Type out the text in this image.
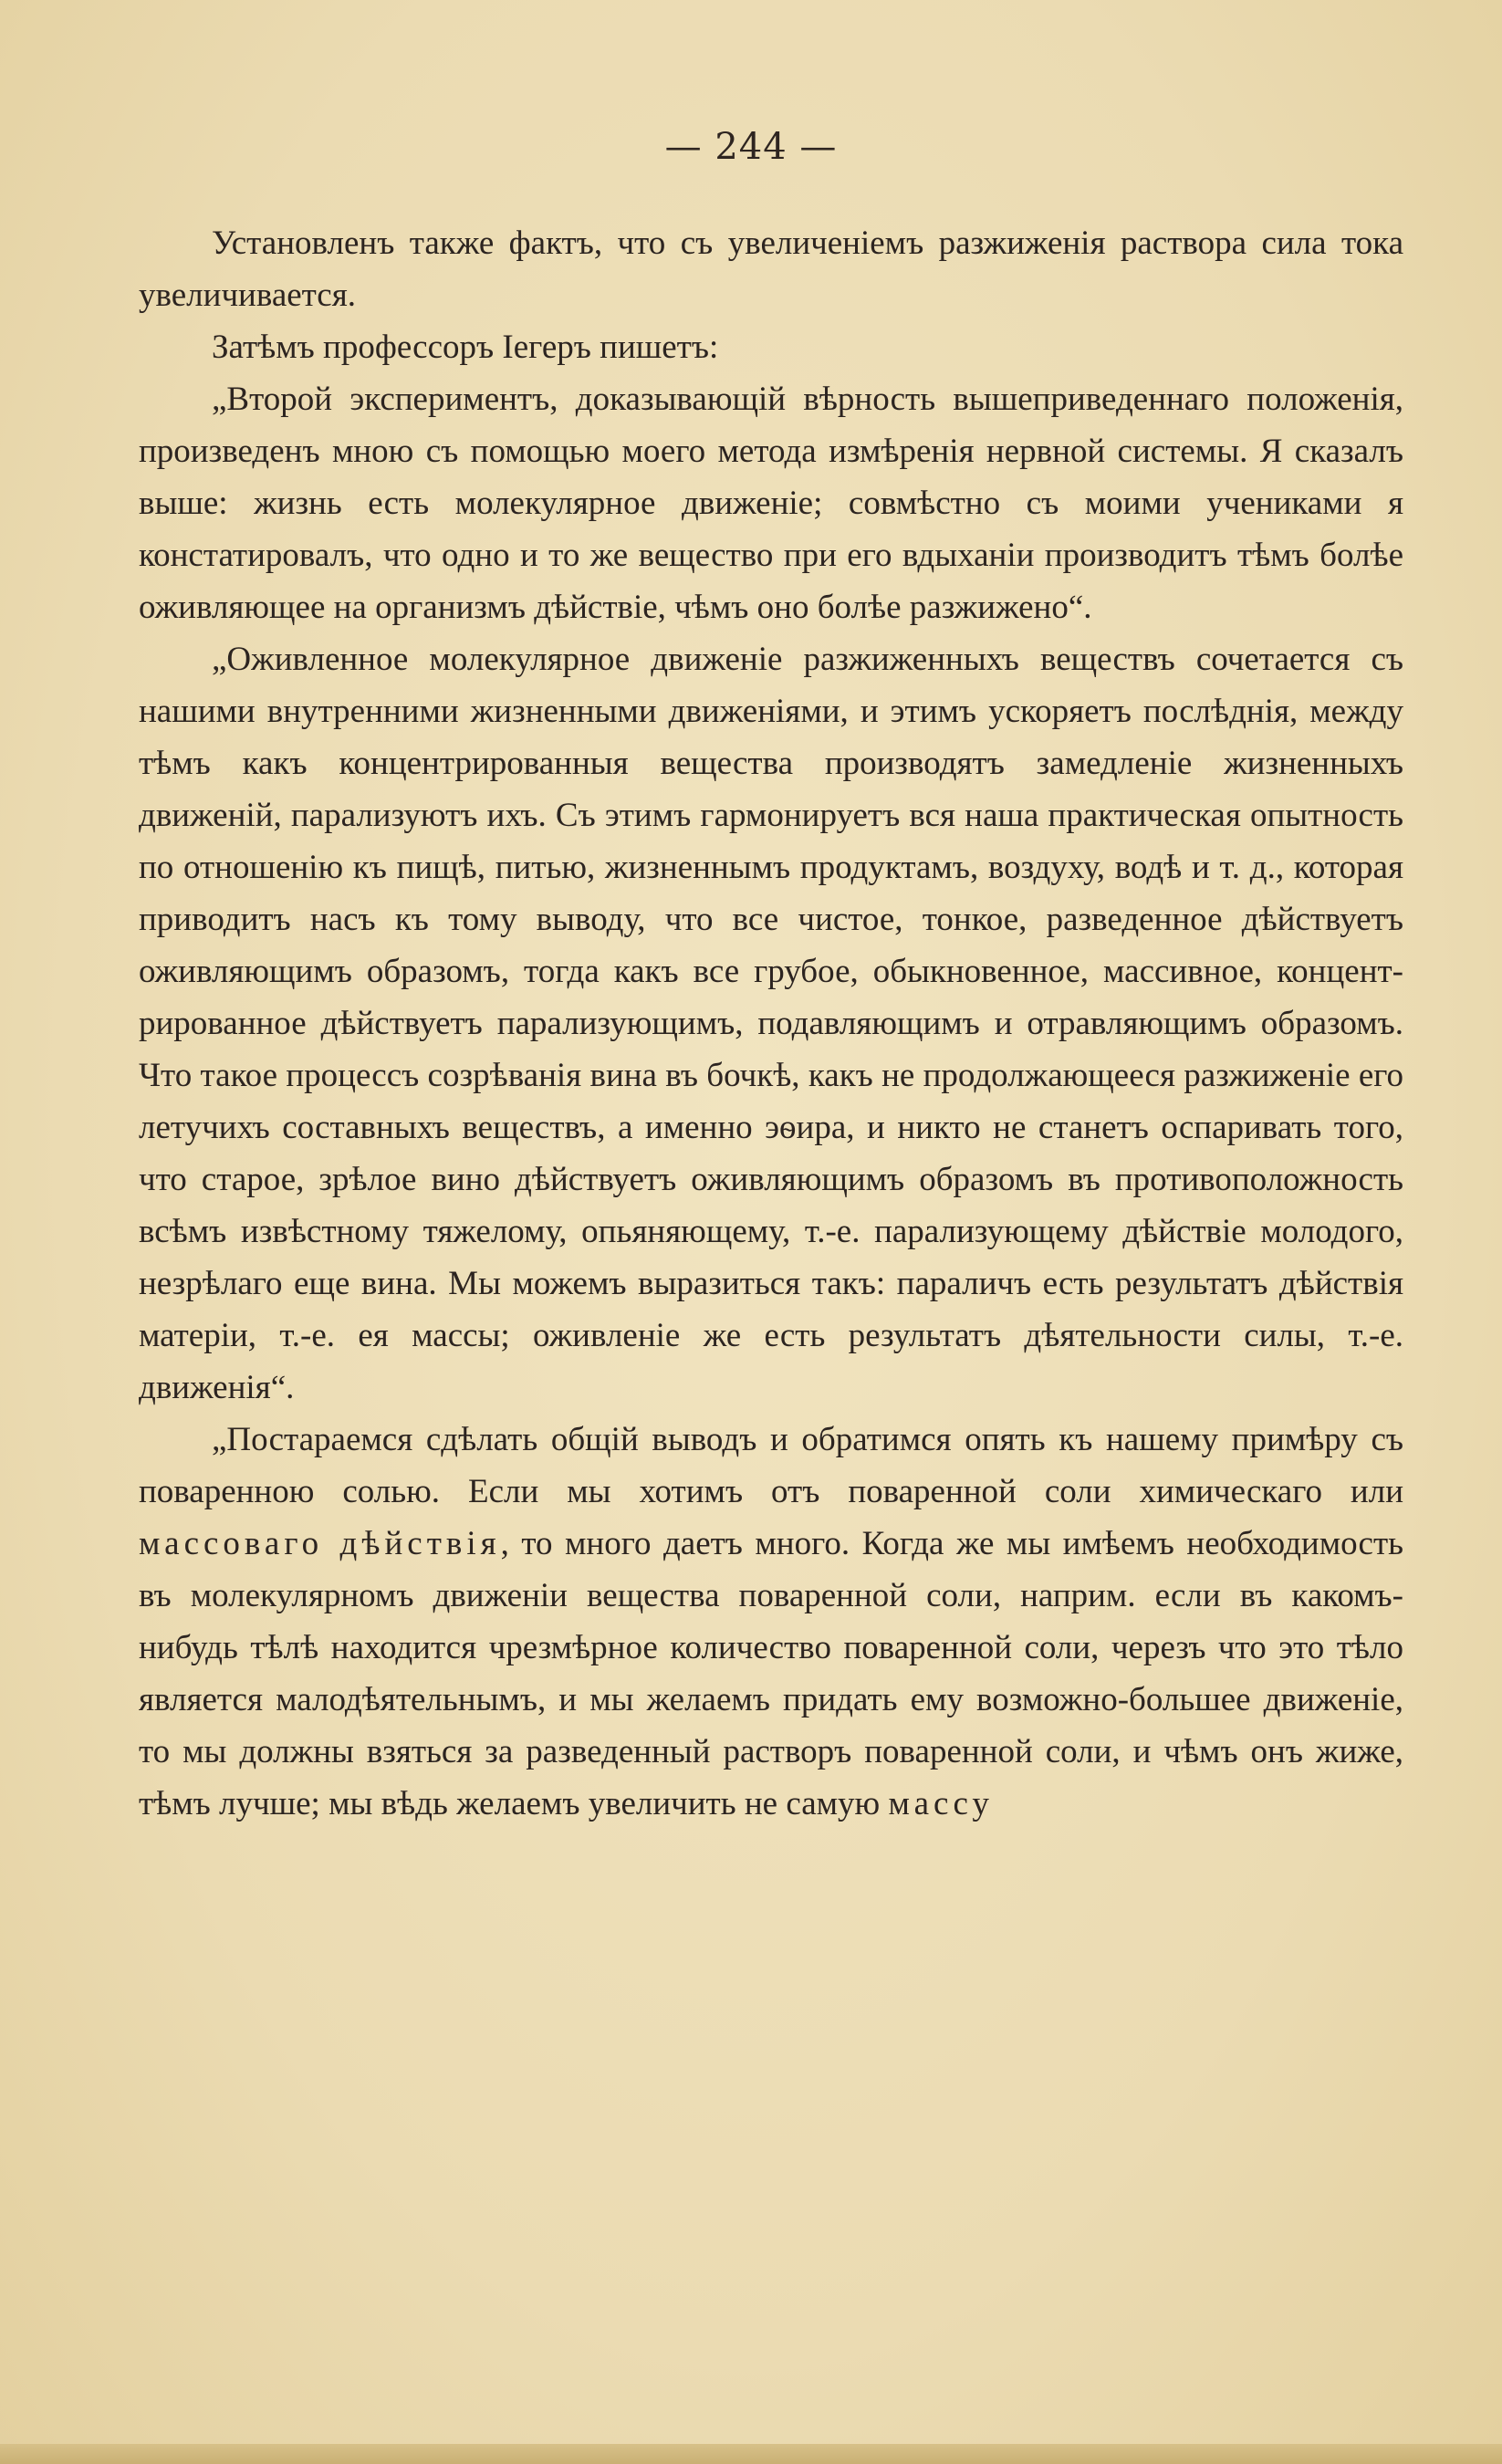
— 244 —

Установленъ также фактъ, что съ увеличенiемъ разжиженiя раствора сила тока увеличивается.

Затѣмъ профессоръ Iегеръ пишетъ:

„Второй экспериментъ, доказывающiй вѣрность вышеприведеннаго положенiя, произведенъ мною съ помощью моего метода измѣренiя нервной системы. Я сказалъ выше: жизнь есть молекулярное движенiе; совмѣстно съ моими учениками я констатировалъ, что одно и то же вещество при его вдыханiи производитъ тѣмъ болѣе оживляющее на организмъ дѣйствiе, чѣмъ оно болѣе разжижено“.

„Оживленное молекулярное движенiе разжиженныхъ веществъ сочетается съ нашими внутренними жизненными движенiями, и этимъ ускоряетъ послѣднiя, между тѣмъ какъ концентрированныя вещества производятъ замедленiе жизненныхъ движенiй, парализуютъ ихъ. Съ этимъ гармонируетъ вся наша практическая опытность по отношенiю къ пищѣ, питью, жизненнымъ продуктамъ, воздуху, водѣ и т. д., которая приводитъ насъ къ тому выводу, что все чистое, тонкое, разведенное дѣйствуетъ оживляющимъ образомъ, тогда какъ все грубое, обыкновенное, массивное, концентрированное дѣйствуетъ парализующимъ, подавляющимъ и отравляющимъ образомъ. Что такое процессъ созрѣванiя вина въ бочкѣ, какъ не продолжающееся разжиженiе его летучихъ составныхъ веществъ, а именно эѳира, и никто не станетъ оспаривать того, что старое, зрѣлое вино дѣйствуетъ оживляющимъ образомъ въ противоположность всѣмъ извѣстному тяжелому, опьяняющему, т.-е. парализующему дѣйствiе молодого, незрѣлаго еще вина. Мы можемъ выразиться такъ: параличъ есть результатъ дѣйствiя матерiи, т.-е. ея массы; оживленiе же есть результатъ дѣятельности силы, т.-е. движенiя“.

„Постараемся сдѣлать общiй выводъ и обратимся опять къ нашему примѣру съ поваренною солью. Если мы хотимъ отъ поваренной соли химическаго или массоваго дѣйствiя, то много даетъ много. Когда же мы имѣемъ необходимость въ молекулярномъ движенiи вещества поваренной соли, наприм. если въ какомъ-нибудь тѣлѣ находится чрезмѣрное количество поваренной соли, черезъ что это тѣло является малодѣятельнымъ, и мы желаемъ придать ему возможно-большее движенiе, то мы должны взяться за разведенный растворъ поваренной соли, и чѣмъ онъ жиже, тѣмъ лучше; мы вѣдь желаемъ увеличить не самую массу
